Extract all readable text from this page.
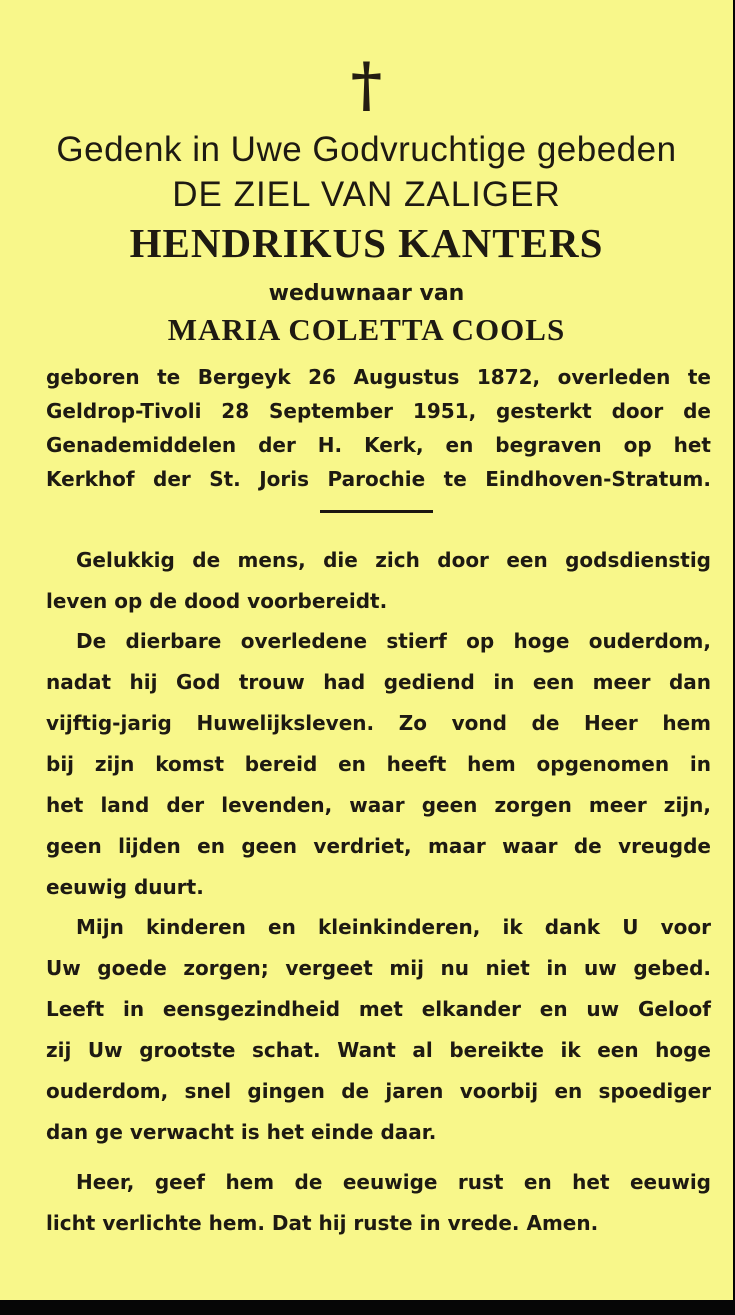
†
Gedenk in Uwe Godvruchtige gebeden
DE ZIEL VAN ZALIGER
HENDRIKUS KANTERS
weduwnaar van
MARIA COLETTA COOLS
geboren te Bergeyk 26 Augustus 1872, overleden te
Geldrop-Tivoli 28 September 1951, gesterkt door de
Genademiddelen der H. Kerk, en begraven op het
Kerkhof der St. Joris Parochie te Eindhoven-Stratum.
Gelukkig de mens, die zich door een godsdienstig
leven op de dood voorbereidt.
De dierbare overledene stierf op hoge ouderdom,
nadat hij God trouw had gediend in een meer dan
vijftig-jarig Huwelijksleven. Zo vond de Heer hem
bij zijn komst bereid en heeft hem opgenomen in
het land der levenden, waar geen zorgen meer zijn,
geen lijden en geen verdriet, maar waar de vreugde
eeuwig duurt.
Mijn kinderen en kleinkinderen, ik dank U voor
Uw goede zorgen; vergeet mij nu niet in uw gebed.
Leeft in eensgezindheid met elkander en uw Geloof
zij Uw grootste schat. Want al bereikte ik een hoge
ouderdom, snel gingen de jaren voorbij en spoediger
dan ge verwacht is het einde daar.
Heer, geef hem de eeuwige rust en het eeuwig
licht verlichte hem. Dat hij ruste in vrede. Amen.
